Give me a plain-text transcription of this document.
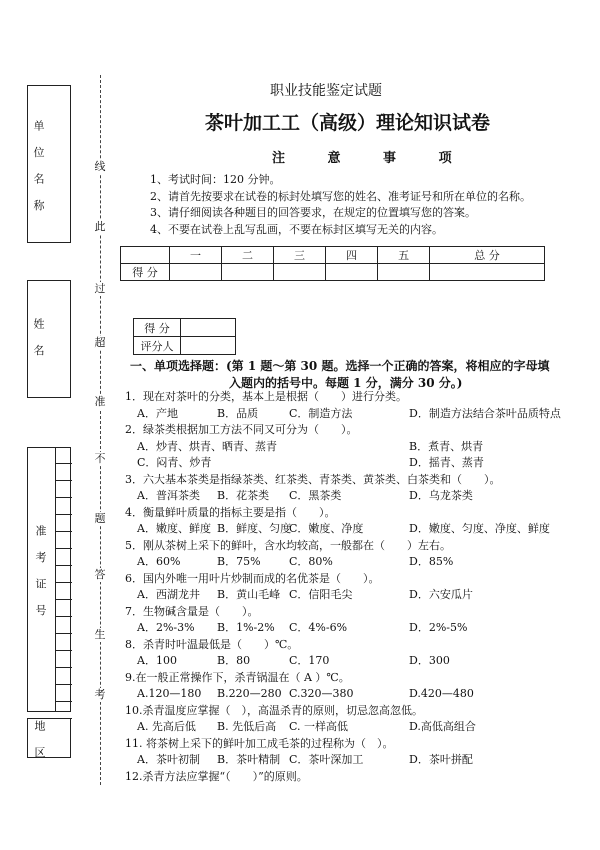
单 位 名 称
姓 名
准 考 证 号
地 区
线
此
过
超
准
不
题
答
生
考
职业技能鉴定试题
茶叶加工工（高级）理论知识试卷
注 意 事 项
1、考试时间：120 分钟。
2、请首先按要求在试卷的标封处填写您的姓名、准考证号和所在单位的名称。
3、请仔细阅读各种题目的回答要求，在规定的位置填写您的答案。
4、不要在试卷上乱写乱画，不要在标封区填写无关的内容。
	一	二	三	四	五	总 分
得 分						
得 分	
评分人	
一、单项选择题：(第 1 题～第 30 题。选择一个正确的答案，将相应的字母填
入题内的括号中。每题 1 分，满分 30 分。)
1．现在对茶叶的分类，基本上是根据（　　）进行分类。
A．产地	B．品质	C．制造方法	D．制造方法结合茶叶品质特点
2．绿茶类根据加工方法不同又可分为（　　）。
A．炒青、烘青、晒青、蒸青	B．煮青、烘青
C．闷青、炒青	D．摇青、蒸青
3．六大基本茶类是指绿茶类、红茶类、青茶类、黄茶类、白茶类和（　　）。
A．普洱茶类	B．花茶类	C．黑茶类	D．乌龙茶类
4．衡量鲜叶质量的指标主要是指（　　）。
A．嫩度、鲜度 B．鲜度、匀度
C．嫩度、净度	D．嫩度、匀度、净度、鲜度
5．刚从茶树上采下的鲜叶，含水均较高，一般都在（　　）左右。
A．60%	B．75%	C．80%	D．85%
6．国内外唯一用叶片炒制而成的名优茶是（　　）。
A．西湖龙井	B．黄山毛峰 C．信阳毛尖	D．六安瓜片
7．生物碱含量是（　　）。
A．2%-3%	B．1%-2%	C．4%-6%	D．2%-5%
8．杀青时叶温最低是（　　）℃。
A．100	B．80	C．170	D．300
9.在一般正常操作下，杀青锅温在（ A ）℃。
A.120—180	B.220—280 C.320—380	D.420—480
10.杀青温度应掌握（　），高温杀青的原则，切忌忽高忽低。
A. 先高后低	B. 先低后高	C. 一样高低	D.高低高组合
11. 将茶树上采下的鲜叶加工成毛茶的过程称为（　）。
A．茶叶初制	B．茶叶精制 C．茶叶深加工	D．茶叶拼配
12.杀青方法应掌握“（　　）”的原则。
